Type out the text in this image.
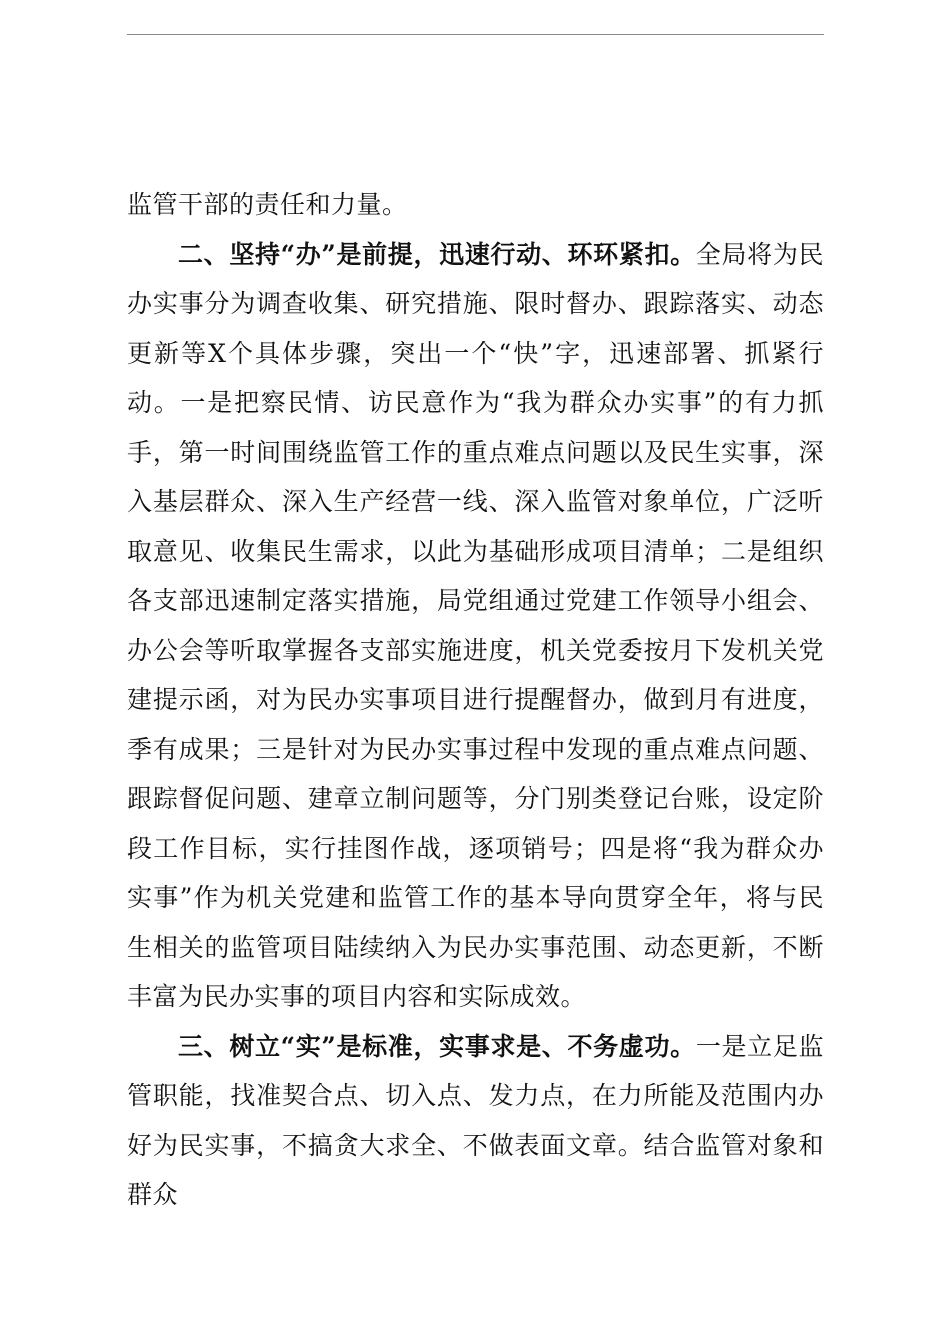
监管干部的责任和力量。

二、坚持“办”是前提，迅速行动、环环紧扣。全局将为民办实事分为调查收集、研究措施、限时督办、跟踪落实、动态更新等X个具体步骤，突出一个“快”字，迅速部署、抓紧行动。一是把察民情、访民意作为“我为群众办实事”的有力抓手，第一时间围绕监管工作的重点难点问题以及民生实事，深入基层群众、深入生产经营一线、深入监管对象单位，广泛听取意见、收集民生需求，以此为基础形成项目清单；二是组织各支部迅速制定落实措施，局党组通过党建工作领导小组会、办公会等听取掌握各支部实施进度，机关党委按月下发机关党建提示函，对为民办实事项目进行提醒督办，做到月有进度，季有成果；三是针对为民办实事过程中发现的重点难点问题、跟踪督促问题、建章立制问题等，分门别类登记台账，设定阶段工作目标，实行挂图作战，逐项销号；四是将“我为群众办实事”作为机关党建和监管工作的基本导向贯穿全年，将与民生相关的监管项目陆续纳入为民办实事范围、动态更新，不断丰富为民办实事的项目内容和实际成效。

三、树立“实”是标准，实事求是、不务虚功。一是立足监管职能，找准契合点、切入点、发力点，在力所能及范围内办好为民实事，不搞贪大求全、不做表面文章。结合监管对象和群众
